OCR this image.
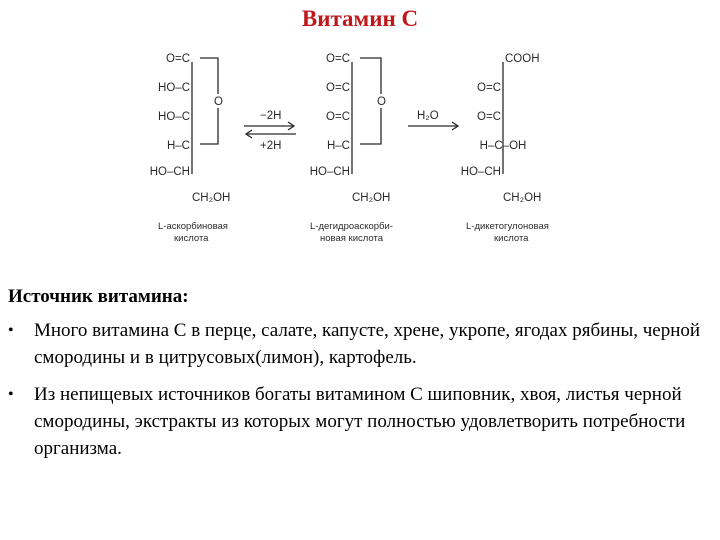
Витамин С
O=C
HO–C
HO–C
H–C
HO–CH
CH₂OH
O
L-аскорбиновая
кислота
−2H
+2H
H₂O
O=C
O=C
O=C
H–C
HO–CH
CH₂OH
O
L-дегидроаскорби-
новая кислота
COOH
O=C
O=C
H–C–OH
HO–CH
CH₂OH
L-дикетогулоновая
кислота
Источник витамина:
• Много витамина С в перце, салате, капусте, хрене, укропе, ягодах рябины, черной смородины и в цитрусовых(лимон), картофель.
• Из непищевых источников богаты витамином С шиповник, хвоя, листья черной смородины, экстракты из которых могут полностью удовлетворить потребности организма.
